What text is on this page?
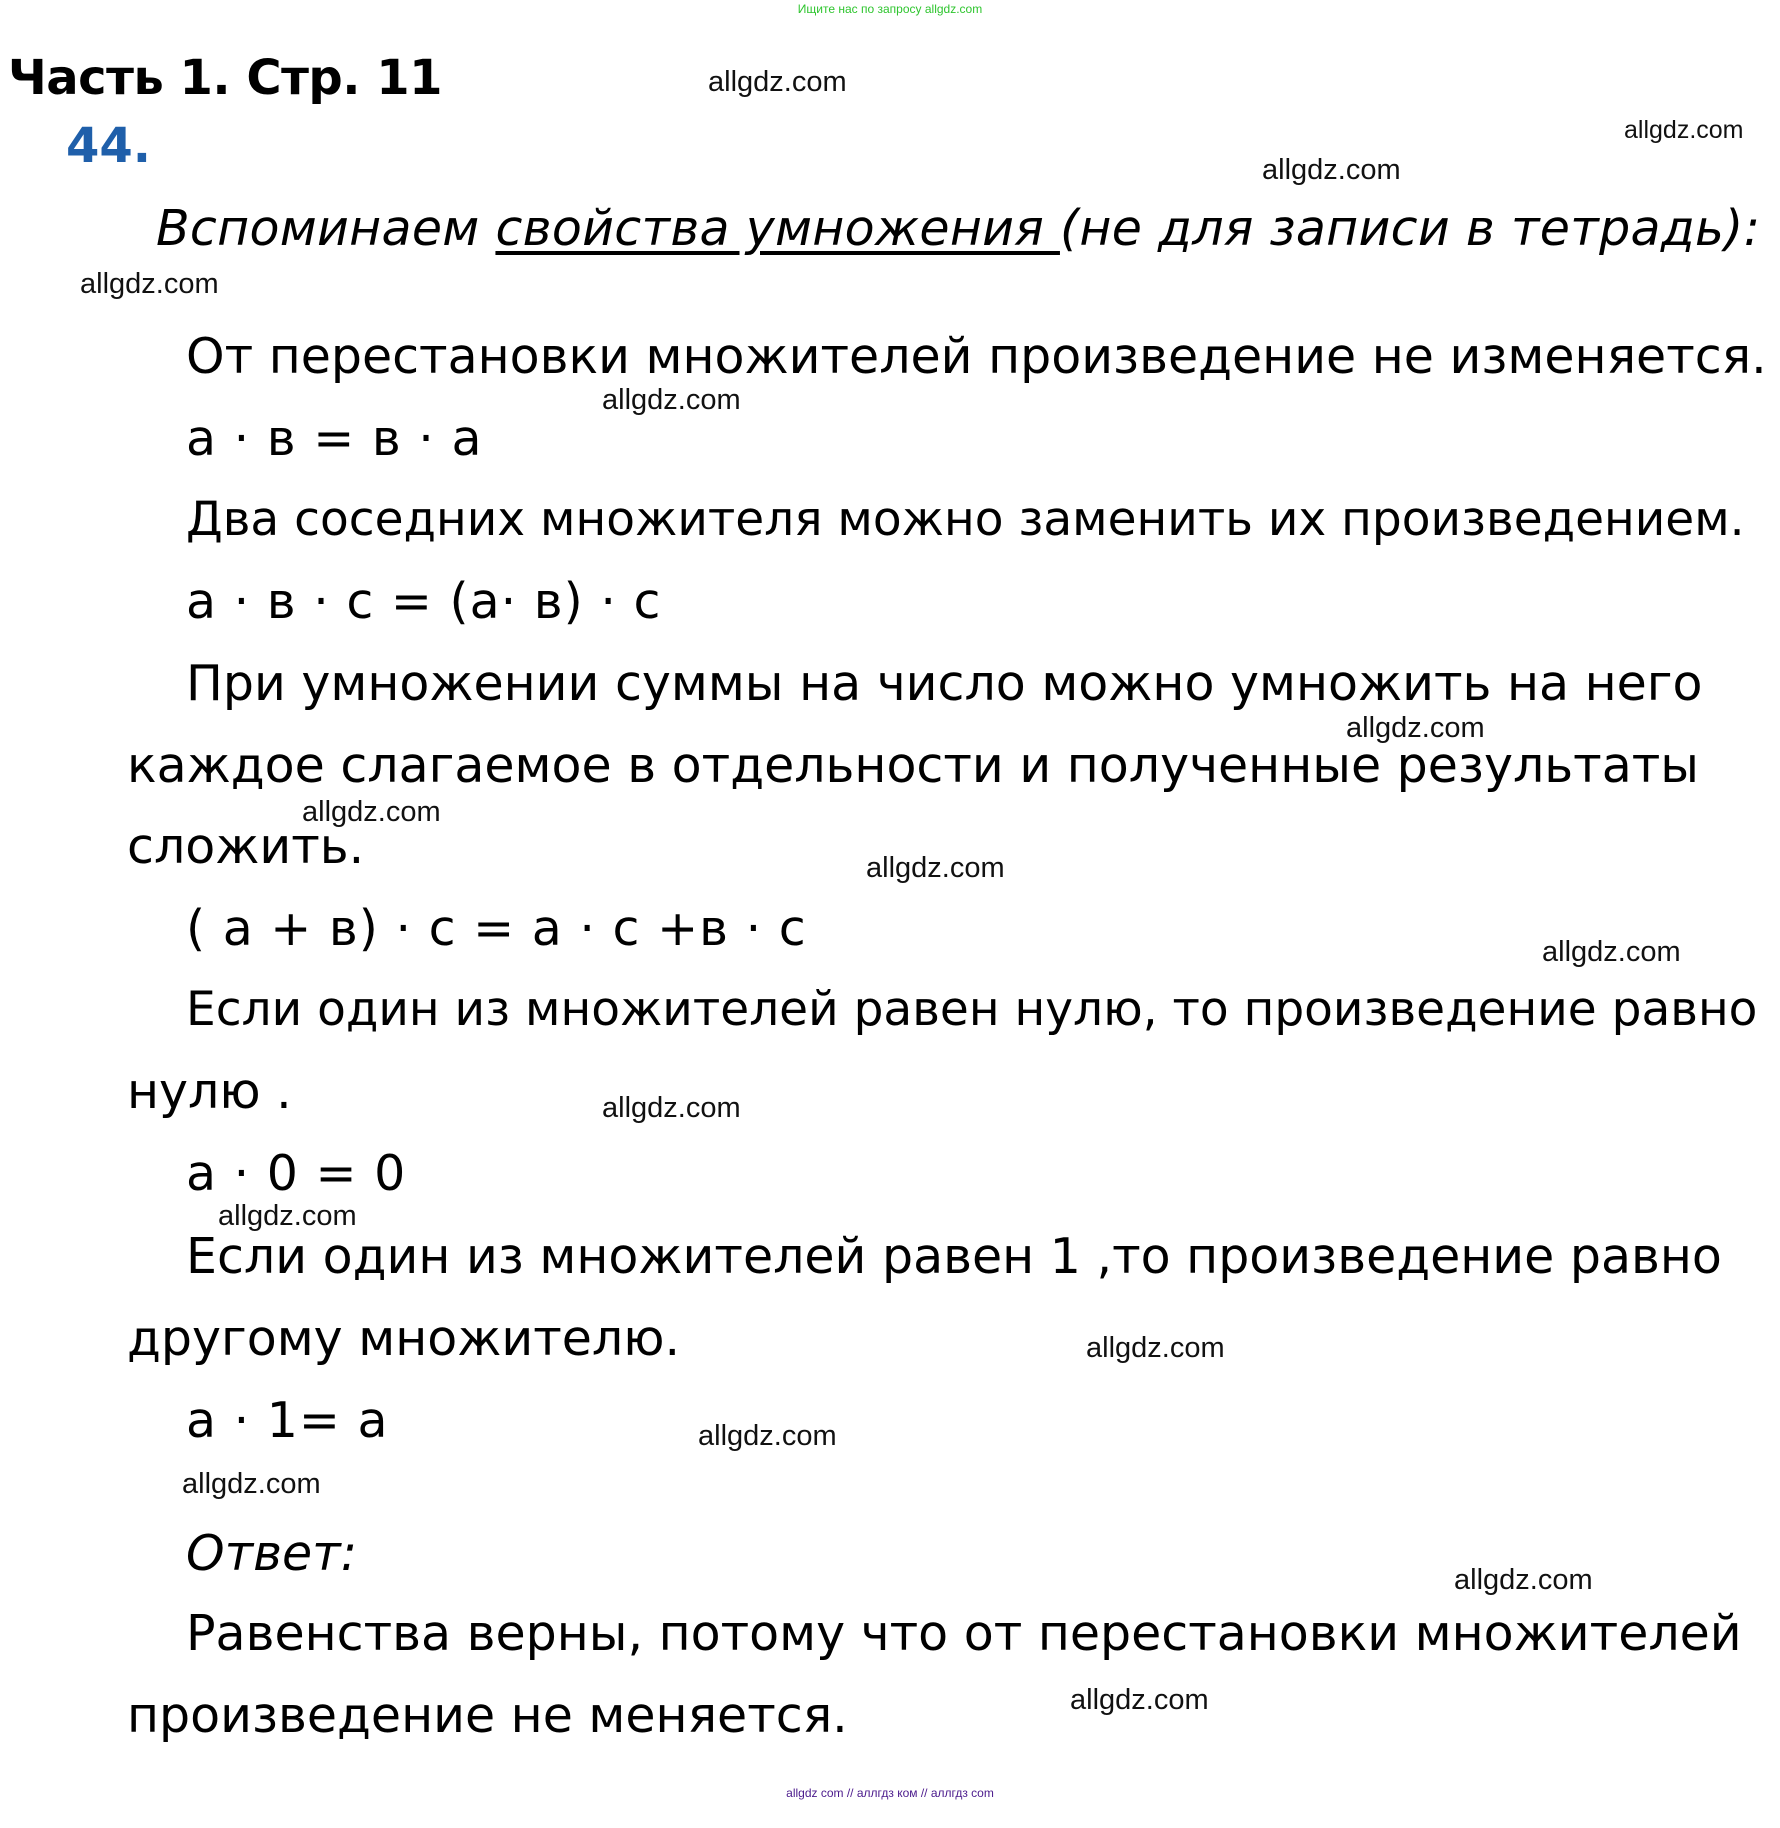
Ищите нас по запросу allgdz.com
Часть 1. Стр. 11
44.
Вспоминаем свойства умножения (не для записи в тетрадь):
От перестановки множителей произведение не изменяется.
а · в = в · а
Два соседних множителя можно заменить их произведением.
а · в · с = (а· в) · с
При умножении суммы на число можно умножить на него
каждое слагаемое в отдельности и полученные результаты
сложить.
( а + в) · с = а · с +в · с
Если один из множителей равен нулю, то произведение равно
нулю .
а · 0 = 0
Если один из множителей равен 1 ,то произведение равно
другому множителю.
а · 1= а
Ответ:
Равенства верны, потому что от перестановки множителей
произведение не меняется.
allgdz.com
allgdz.com
allgdz.com
allgdz.com
allgdz.com
allgdz.com
allgdz.com
allgdz.com
allgdz.com
allgdz.com
allgdz.com
allgdz.com
allgdz.com
allgdz.com
allgdz.com
allgdz.com
allgdz com // аллгдз ком // аллгдз com
